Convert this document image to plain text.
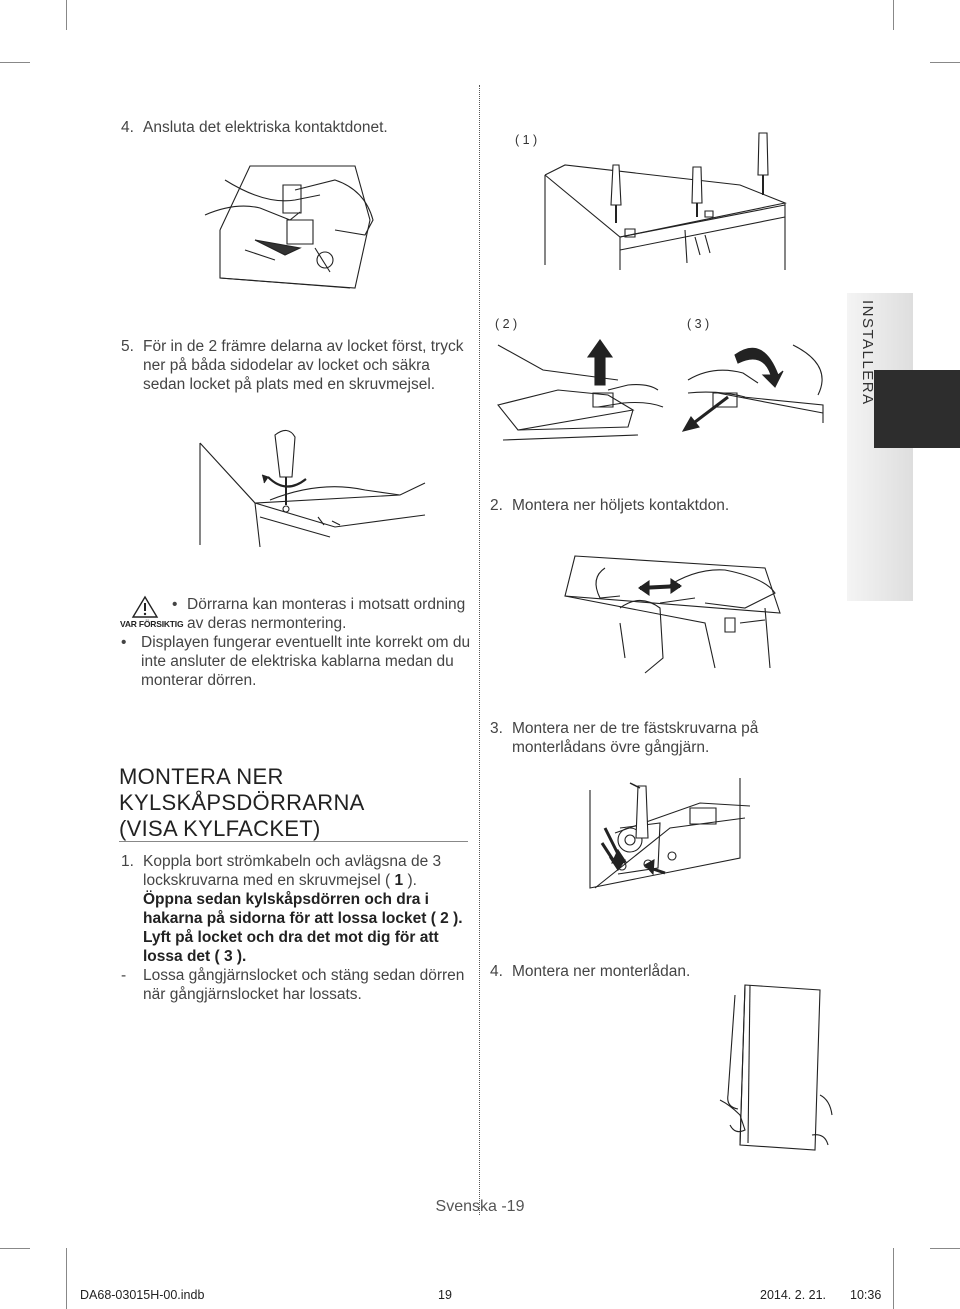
4. Ansluta det elektriska kontaktdonet.
5. För in de 2 främre delarna av locket först, tryck
ner på båda sidodelar av locket och säkra
sedan locket på plats med en skruvmejsel.
VAR FÖRSIKTIG
• Dörrarna kan monteras i motsatt ordning
av deras nermontering.
• Displayen fungerar eventuellt inte korrekt om du
inte ansluter de elektriska kablarna medan du
monterar dörren.
MONTERA NER
KYLSKÅPSDÖRRARNA
(VISA KYLFACKET)
1. Koppla bort strömkabeln och avlägsna de 3
lockskruvarna med en skruvmejsel ( 1 ).
Öppna sedan kylskåpsdörren och dra i
hakarna på sidorna för att lossa locket ( 2 ).
Lyft på locket och dra det mot dig för att
lossa det ( 3 ).
- Lossa gångjärnslocket och stäng sedan dörren
när gångjärnslocket har lossats.
( 1 )
( 2 )	( 3 )
2. Montera ner höljets kontaktdon.
INSTALLERA
3. Montera ner de tre fästskruvarna på
monterlådans övre gångjärn.
4. Montera ner monterlådan.
Svenska -19
DA68-03015H-00.indb	19	2014. 2. 21. 10:36
